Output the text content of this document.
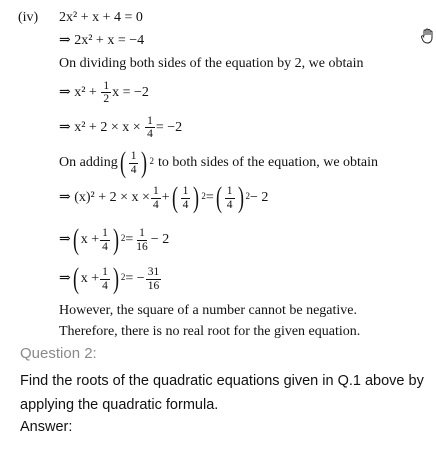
(iv) 2x² + x + 4 = 0
⇒ 2x² + x = −4
On dividing both sides of the equation by 2, we obtain
⇒ $x^2 + \frac{1}{2}$ x = −2
⇒ $x^2 + 2 \times x \times \frac{1}{4} = -2$
On adding ( $\frac{1}{4} )^2$ to both sides of the equation, we obtain
⇒ $(x)^2 + 2 \times x \times \frac{1}{4}$ + ( $\frac{1}{4} )^2$ = ( $\frac{1}{4} )^2 - 2$
⇒ ( $x + \frac{1}{4} )^2 = \frac{1}{16} - 2$
⇒ ( $x + \frac{1}{4} )^2$ = − $\frac{31}{16}$
However, the square of a number cannot be negative.
Therefore, there is no real root for the given equation.
Question 2:
Find the roots of the quadratic equations given in Q.1 above by applying the quadratic formula.
Answer:
